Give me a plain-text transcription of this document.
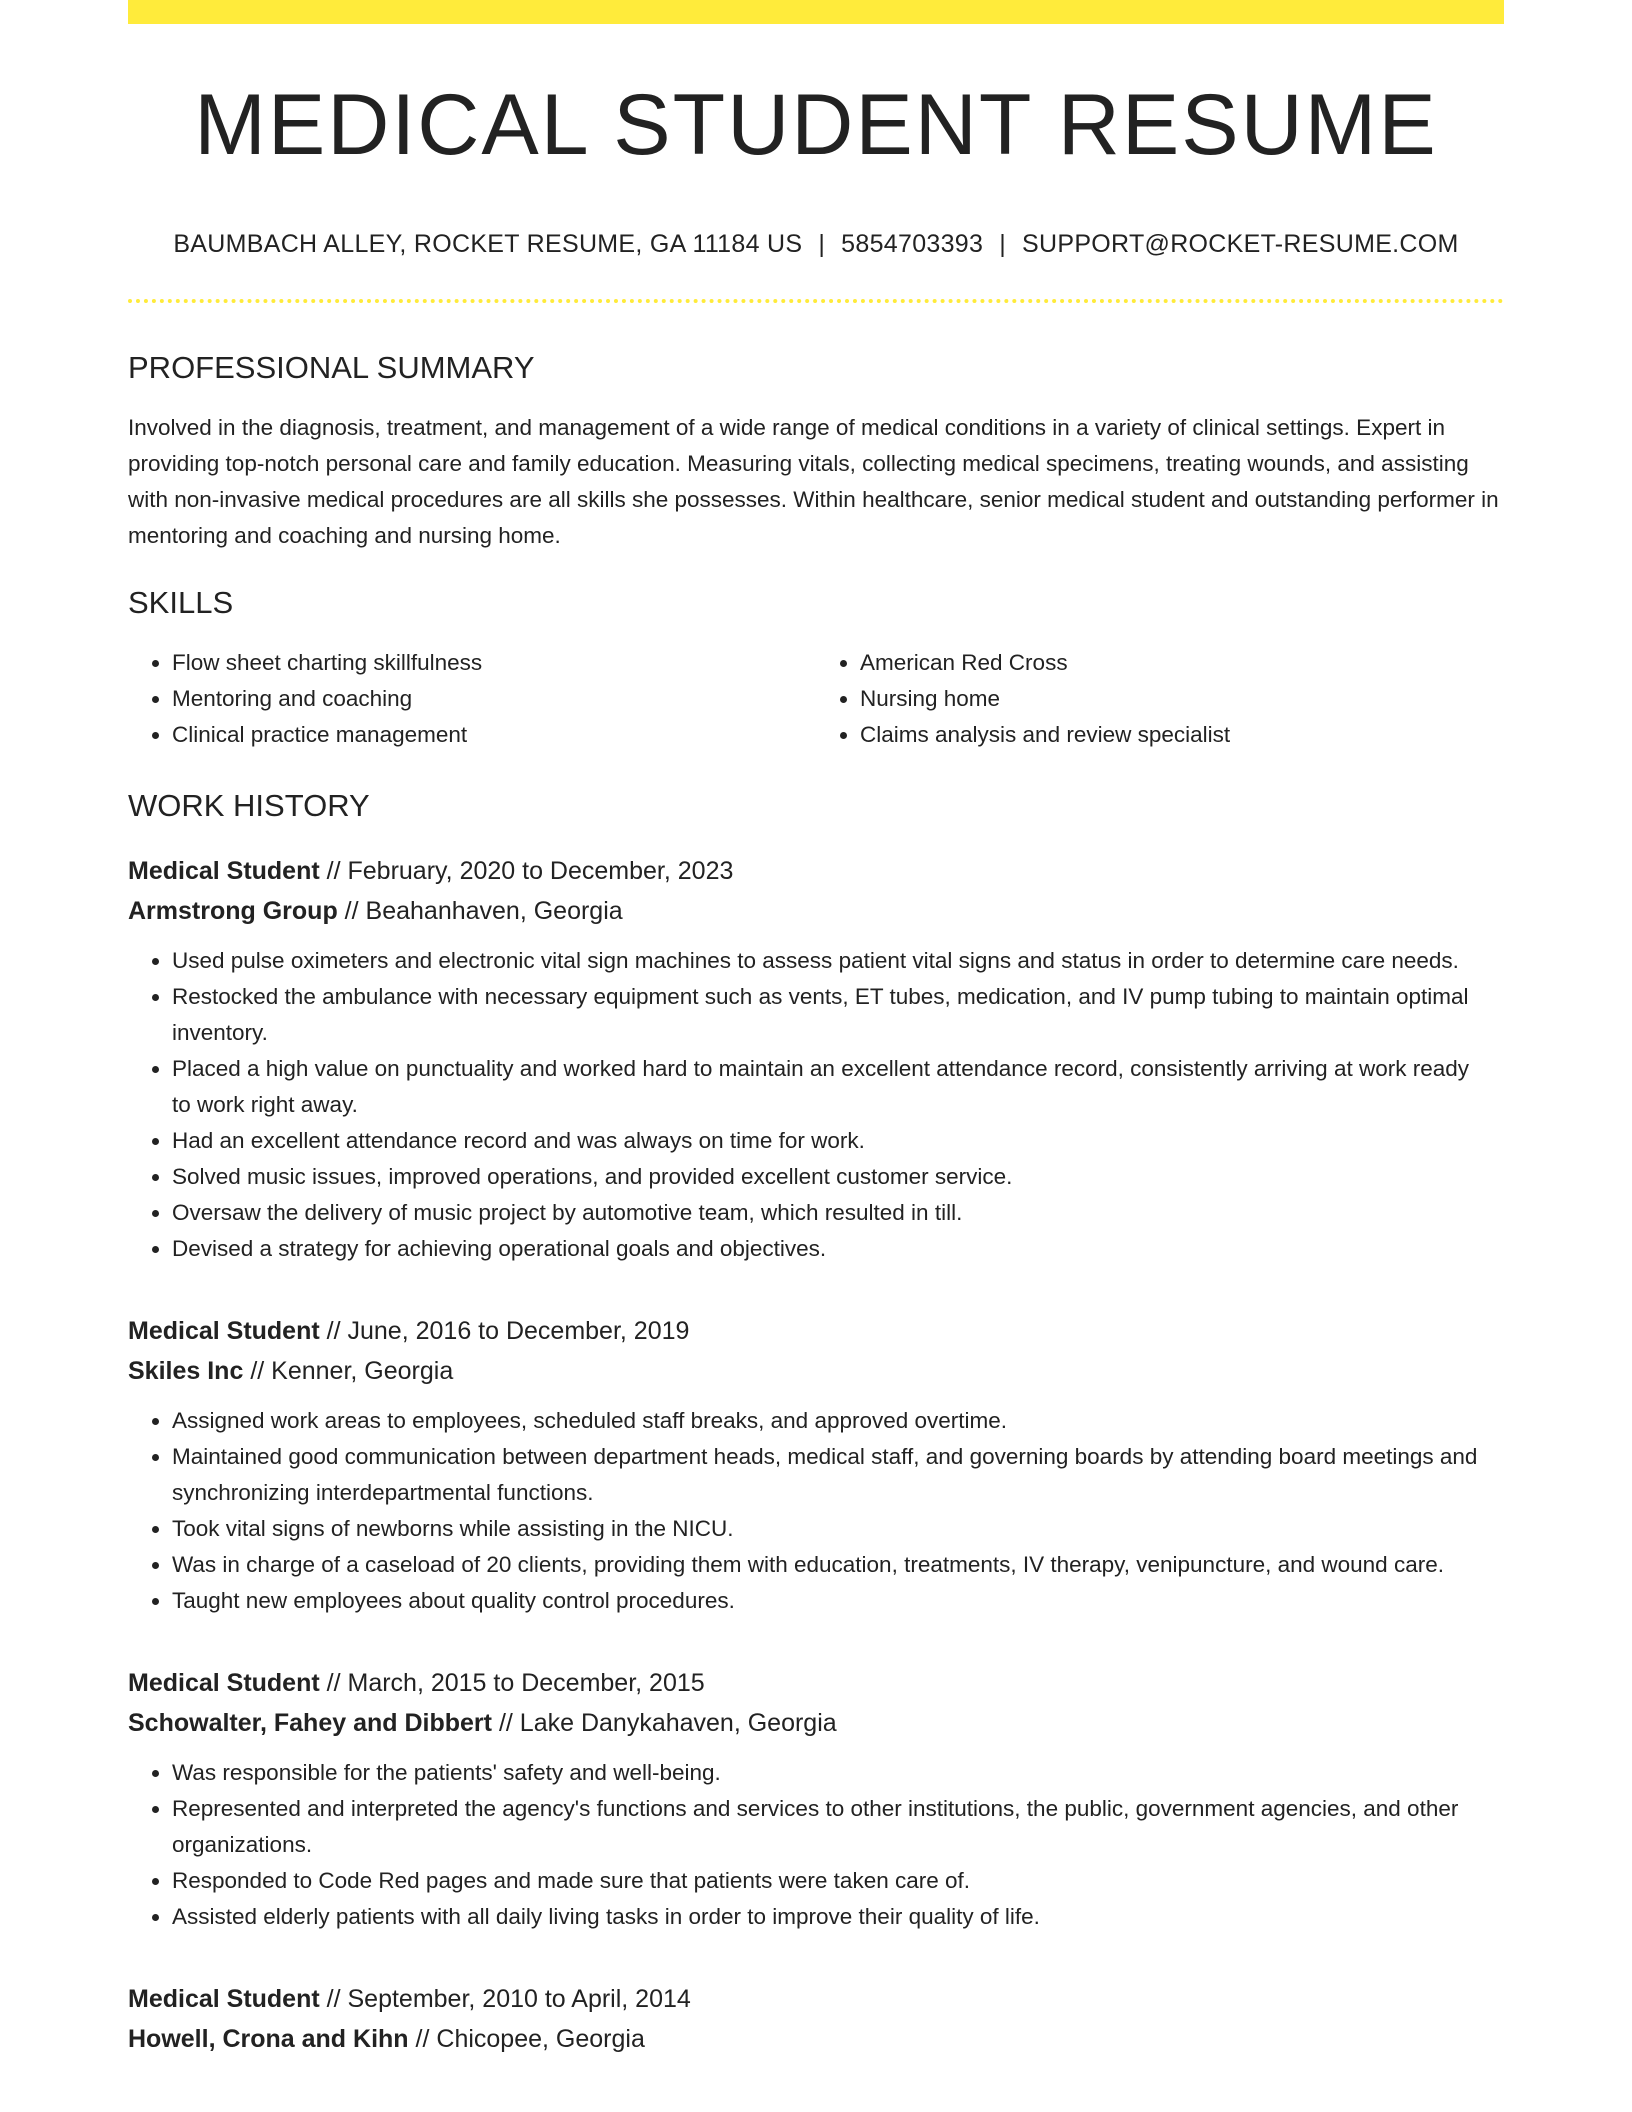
MEDICAL STUDENT RESUME
BAUMBACH ALLEY, ROCKET RESUME, GA 11184 US | 5854703393 | SUPPORT@ROCKET-RESUME.COM
PROFESSIONAL SUMMARY

Involved in the diagnosis, treatment, and management of a wide range of medical conditions in a variety of clinical settings. Expert in providing top-notch personal care and family education. Measuring vitals, collecting medical specimens, treating wounds, and assisting with non-invasive medical procedures are all skills she possesses. Within healthcare, senior medical student and outstanding performer in mentoring and coaching and nursing home.

SKILLS
• Flow sheet charting skillfulness
• Mentoring and coaching
• Clinical practice management
• American Red Cross
• Nursing home
• Claims analysis and review specialist
WORK HISTORY
Medical Student // February, 2020 to December, 2023
Armstrong Group // Beahanhaven, Georgia
• Used pulse oximeters and electronic vital sign machines to assess patient vital signs and status in order to determine care needs.
• Restocked the ambulance with necessary equipment such as vents, ET tubes, medication, and IV pump tubing to maintain optimal inventory.
• Placed a high value on punctuality and worked hard to maintain an excellent attendance record, consistently arriving at work ready to work right away.
• Had an excellent attendance record and was always on time for work.
• Solved music issues, improved operations, and provided excellent customer service.
• Oversaw the delivery of music project by automotive team, which resulted in till.
• Devised a strategy for achieving operational goals and objectives.
Medical Student // June, 2016 to December, 2019
Skiles Inc // Kenner, Georgia
• Assigned work areas to employees, scheduled staff breaks, and approved overtime.
• Maintained good communication between department heads, medical staff, and governing boards by attending board meetings and synchronizing interdepartmental functions.
• Took vital signs of newborns while assisting in the NICU.
• Was in charge of a caseload of 20 clients, providing them with education, treatments, IV therapy, venipuncture, and wound care.
• Taught new employees about quality control procedures.
Medical Student // March, 2015 to December, 2015
Schowalter, Fahey and Dibbert // Lake Danykahaven, Georgia
• Was responsible for the patients' safety and well-being.
• Represented and interpreted the agency's functions and services to other institutions, the public, government agencies, and other organizations.
• Responded to Code Red pages and made sure that patients were taken care of.
• Assisted elderly patients with all daily living tasks in order to improve their quality of life.
Medical Student // September, 2010 to April, 2014
Howell, Crona and Kihn // Chicopee, Georgia
